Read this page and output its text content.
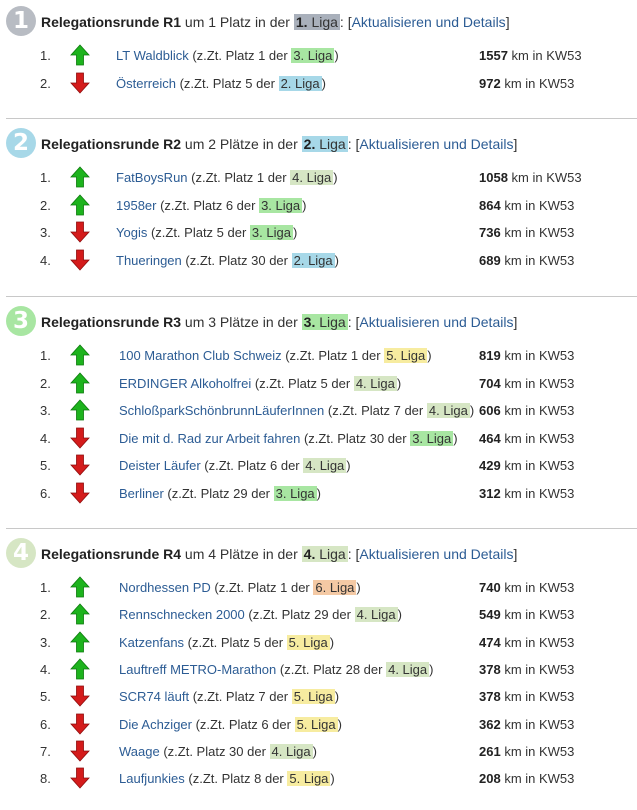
1 Relegationsrunde R1 um 1 Platz in der 1. Liga : [Aktualisieren und Details]
1.	LT Waldblick (z.Zt. Platz 1 der 3. Liga )	1557 km in KW53
2.	Österreich (z.Zt. Platz 5 der 2. Liga )	972 km in KW53
2 Relegationsrunde R2 um 2 Plätze in der 2. Liga : [Aktualisieren und Details]
1.	FatBoysRun (z.Zt. Platz 1 der 4. Liga )	1058 km in KW53
2.	1958er (z.Zt. Platz 6 der 3. Liga )	864 km in KW53
3.	Yogis (z.Zt. Platz 5 der 3. Liga )	736 km in KW53
4.	Thueringen (z.Zt. Platz 30 der 2. Liga )	689 km in KW53
3 Relegationsrunde R3 um 3 Plätze in der 3. Liga : [Aktualisieren und Details]
1.	100 Marathon Club Schweiz (z.Zt. Platz 1 der 5. Liga )	819 km in KW53
2.	ERDINGER Alkoholfrei (z.Zt. Platz 5 der 4. Liga )	704 km in KW53
3.	SchloßparkSchönbrunnLäuferInnen (z.Zt. Platz 7 der 4. Liga ) 606 km in KW53
4.	Die mit d. Rad zur Arbeit fahren (z.Zt. Platz 30 der 3. Liga ) 464 km in KW53
5.	Deister Läufer (z.Zt. Platz 6 der 4. Liga )	429 km in KW53
6.	Berliner (z.Zt. Platz 29 der 3. Liga )	312 km in KW53
4 Relegationsrunde R4 um 4 Plätze in der 4. Liga : [Aktualisieren und Details]
1.	Nordhessen PD (z.Zt. Platz 1 der 6. Liga )	740 km in KW53
2.	Rennschnecken 2000 (z.Zt. Platz 29 der 4. Liga )	549 km in KW53
3.	Katzenfans (z.Zt. Platz 5 der 5. Liga )	474 km in KW53
4.	Lauftreff METRO-Marathon (z.Zt. Platz 28 der 4. Liga )	378 km in KW53
5.	SCR74 läuft (z.Zt. Platz 7 der 5. Liga )	378 km in KW53
6.	Die Achziger (z.Zt. Platz 6 der 5. Liga )	362 km in KW53
7.	Waage (z.Zt. Platz 30 der 4. Liga )	261 km in KW53
8.	Laufjunkies (z.Zt. Platz 8 der 5. Liga )	208 km in KW53
